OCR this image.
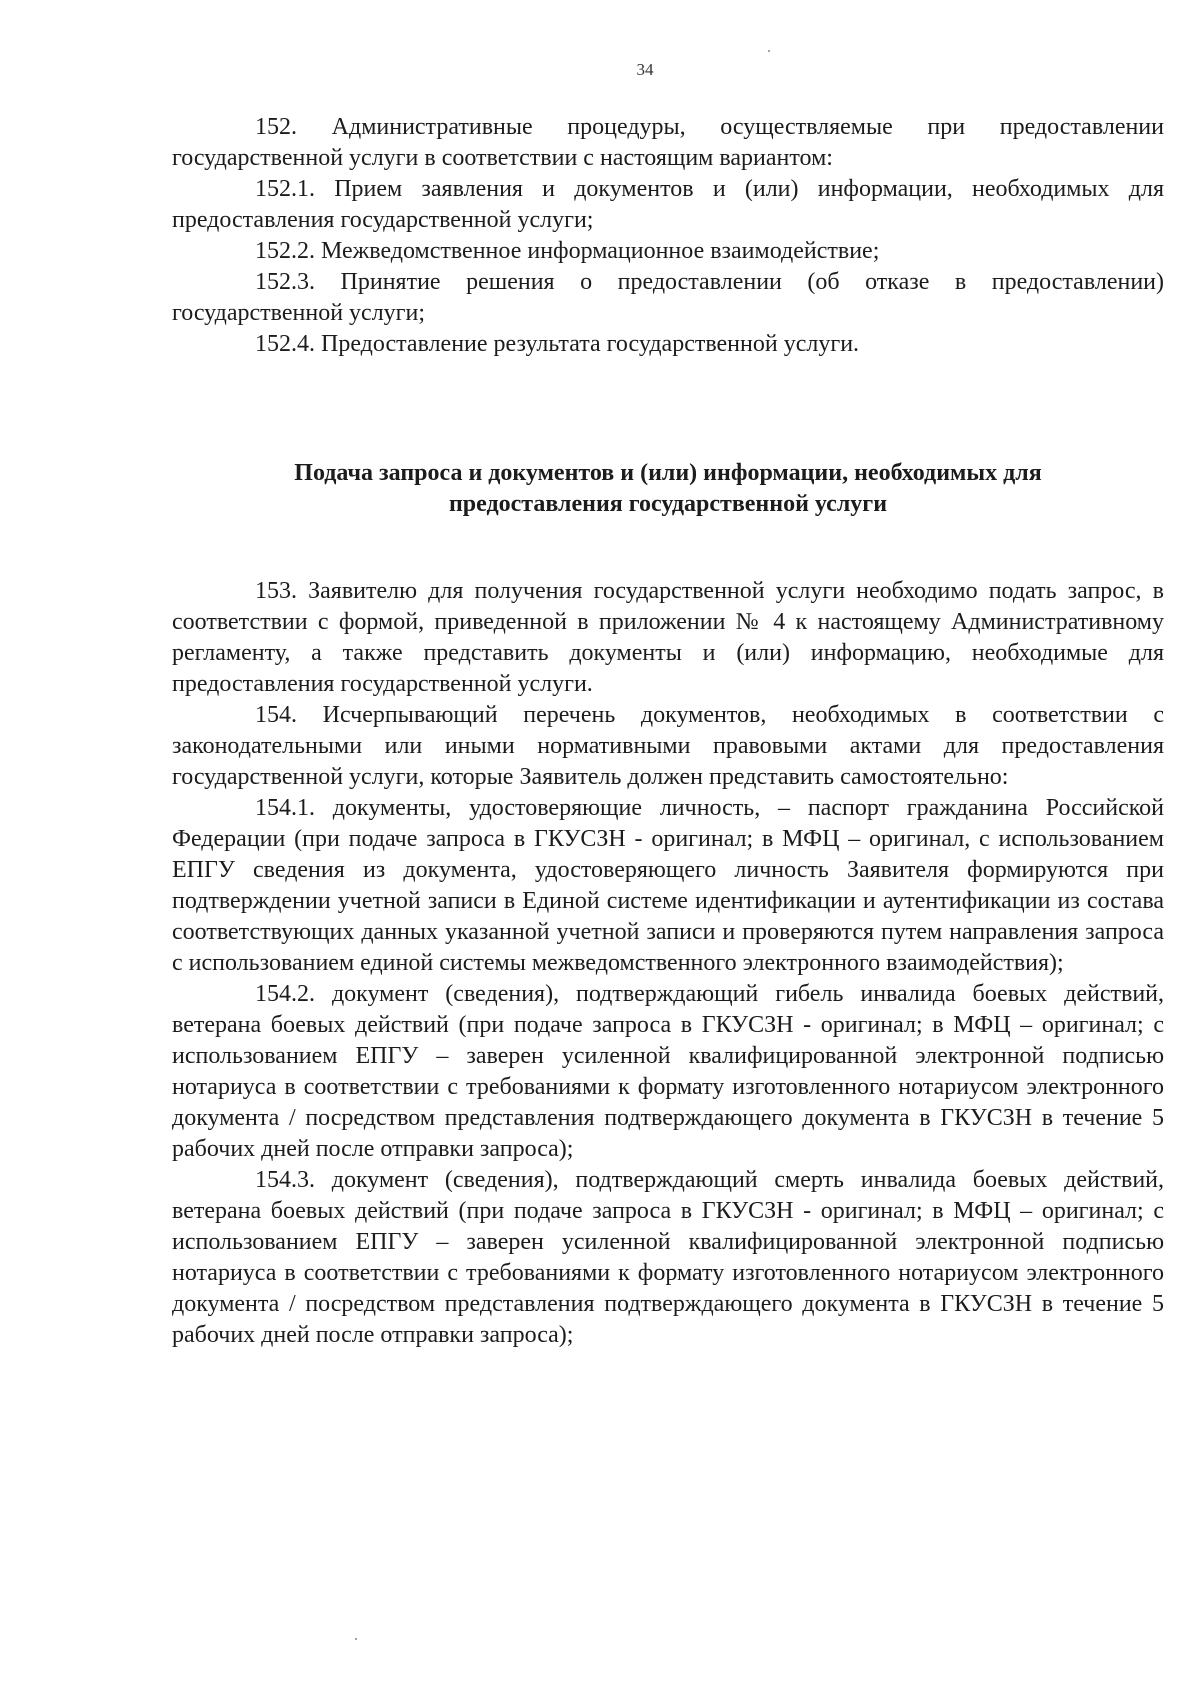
34

152. Административные процедуры, осуществляемые при предоставлении государственной услуги в соответствии с настоящим вариантом:

152.1. Прием заявления и документов и (или) информации, необходимых для предоставления государственной услуги;

152.2. Межведомственное информационное взаимодействие;

152.3. Принятие решения о предоставлении (об отказе в предоставлении) государственной услуги;

152.4. Предоставление результата государственной услуги.

Подача запроса и документов и (или) информации, необходимых для
предоставления государственной услуги

153. Заявителю для получения государственной услуги необходимо подать запрос, в соответствии с формой, приведенной в приложении № 4 к настоящему Административному регламенту, а также представить документы и (или) информацию, необходимые для предоставления государственной услуги.

154. Исчерпывающий перечень документов, необходимых в соответствии с законодательными или иными нормативными правовыми актами для предоставления государственной услуги, которые Заявитель должен представить самостоятельно:

154.1. документы, удостоверяющие личность, – паспорт гражданина Российской Федерации (при подаче запроса в ГКУСЗН - оригинал; в МФЦ – оригинал, с использованием ЕПГУ сведения из документа, удостоверяющего личность Заявителя формируются при подтверждении учетной записи в Единой системе идентификации и аутентификации из состава соответствующих данных указанной учетной записи и проверяются путем направления запроса с использованием единой системы межведомственного электронного взаимодействия);

154.2. документ (сведения), подтверждающий гибель инвалида боевых действий, ветерана боевых действий (при подаче запроса в ГКУСЗН - оригинал; в МФЦ – оригинал; с использованием ЕПГУ – заверен усиленной квалифицированной электронной подписью нотариуса в соответствии с требованиями к формату изготовленного нотариусом электронного документа / посредством представления подтверждающего документа в ГКУСЗН в течение 5 рабочих дней после отправки запроса);

154.3. документ (сведения), подтверждающий смерть инвалида боевых действий, ветерана боевых действий (при подаче запроса в ГКУСЗН - оригинал; в МФЦ – оригинал; с использованием ЕПГУ – заверен усиленной квалифицированной электронной подписью нотариуса в соответствии с требованиями к формату изготовленного нотариусом электронного документа / посредством представления подтверждающего документа в ГКУСЗН в течение 5 рабочих дней после отправки запроса);
